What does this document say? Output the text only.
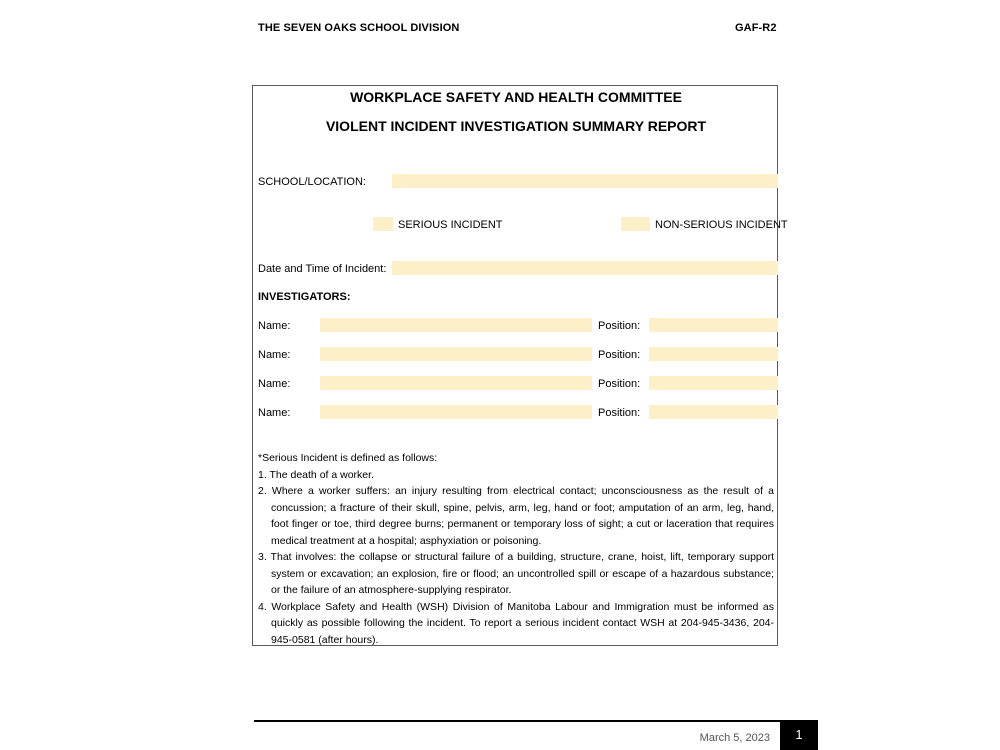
THE SEVEN OAKS SCHOOL DIVISION	GAF-R2
WORKPLACE SAFETY AND HEALTH COMMITTEE
VIOLENT INCIDENT INVESTIGATION SUMMARY REPORT
SCHOOL/LOCATION:
SERIOUS INCIDENT	NON-SERIOUS INCIDENT
Date and Time of Incident:
INVESTIGATORS:
Name:	Position:
Name:	Position:
Name:	Position:
Name:	Position:

*Serious Incident is defined as follows:

1. The death of a worker.

2. Where a worker suffers: an injury resulting from electrical contact; unconsciousness as the result of a concussion; a fracture of their skull, spine, pelvis, arm, leg, hand or foot; amputation of an arm, leg, hand, foot finger or toe, third degree burns; permanent or temporary loss of sight; a cut or laceration that requires medical treatment at a hospital; asphyxiation or poisoning.

3. That involves: the collapse or structural failure of a building, structure, crane, hoist, lift, temporary support system or excavation; an explosion, fire or flood; an uncontrolled spill or escape of a hazardous substance; or the failure of an atmosphere-supplying respirator.

4. Workplace Safety and Health (WSH) Division of Manitoba Labour and Immigration must be informed as quickly as possible following the incident. To report a serious incident contact WSH at 204-945-3436, 204-945-0581 (after hours).

March 5, 2023	1
